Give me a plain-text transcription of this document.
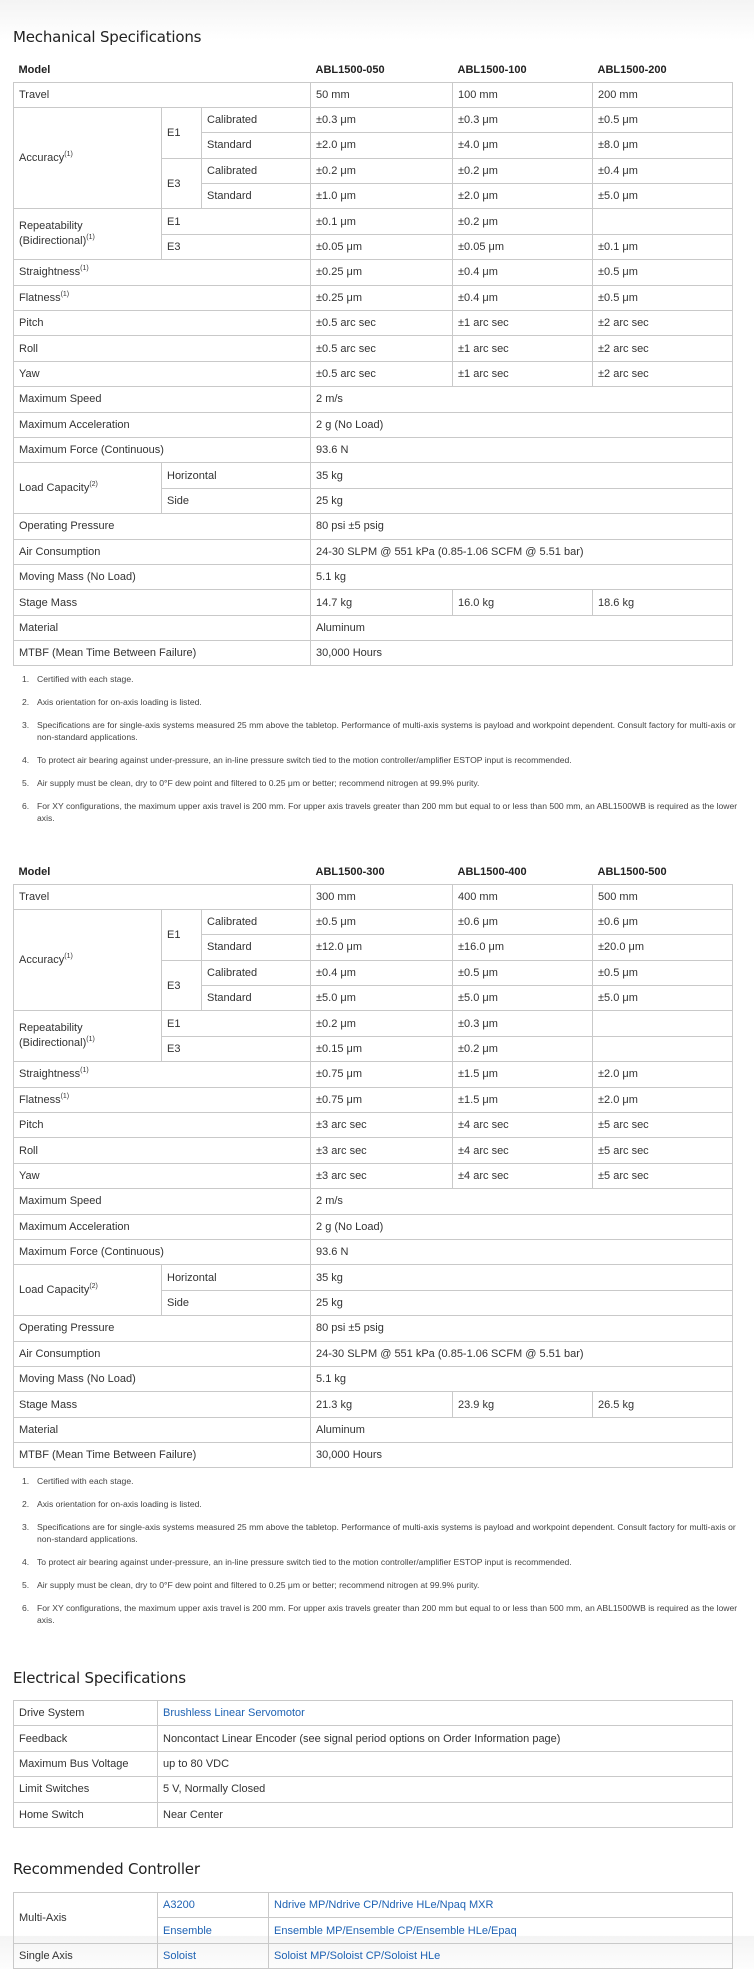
Mechanical Specifications
Model			ABL1500-050	ABL1500-100	ABL1500-200
Travel			50 mm	100 mm	200 mm
Accuracy$^{(1)}$	E1	Calibrated	±0.3 μm	±0.3 μm	±0.5 μm
		Standard	±2.0 μm	±4.0 μm	±8.0 μm
	E3	Calibrated	±0.2 μm	±0.2 μm	±0.4 μm
		Standard	±1.0 μm	±2.0 μm	±5.0 μm
Repeatability
(Bidirectional)$^{(1)}$	E1		±0.1 μm	±0.2 μm	
	E3		±0.05 μm	±0.05 μm	±0.1 μm
Straightness$^{(1)}$			±0.25 μm	±0.4 μm	±0.5 μm
Flatness$^{(1)}$			±0.25 μm	±0.4 μm	±0.5 μm
Pitch			±0.5 arc sec	±1 arc sec	±2 arc sec
Roll			±0.5 arc sec	±1 arc sec	±2 arc sec
Yaw			±0.5 arc sec	±1 arc sec	±2 arc sec
Maximum Speed			2 m/s		
Maximum Acceleration			2 g (No Load)		
Maximum Force (Continuous)			93.6 N		
Load Capacity$^{(2)}$	Horizontal		35 kg		
	Side		25 kg		
Operating Pressure			80 psi ±5 psig		
Air Consumption			24-30 SLPM @ 551 kPa (0.85-1.06 SCFM @ 5.51 bar)		
Moving Mass (No Load)			5.1 kg		
Stage Mass			14.7 kg	16.0 kg	18.6 kg
Material			Aluminum		
MTBF (Mean Time Between Failure)			30,000 Hours		
1. Certified with each stage.
2. Axis orientation for on-axis loading is listed.
3. Specifications are for single-axis systems measured 25 mm above the tabletop. Performance of multi-axis systems is payload and workpoint dependent. Consult factory for multi-axis or non-standard applications.
4. To protect air bearing against under-pressure, an in-line pressure switch tied to the motion controller/amplifier ESTOP input is recommended.
5. Air supply must be clean, dry to 0°F dew point and filtered to 0.25 μm or better; recommend nitrogen at 99.9% purity.
6. For XY configurations, the maximum upper axis travel is 200 mm. For upper axis travels greater than 200 mm but equal to or less than 500 mm, an ABL1500WB is required as the lower axis.
Model			ABL1500-300	ABL1500-400	ABL1500-500
Travel			300 mm	400 mm	500 mm
Accuracy$^{(1)}$	E1	Calibrated	±0.5 μm	±0.6 μm	±0.6 μm
		Standard	±12.0 μm	±16.0 μm	±20.0 μm
	E3	Calibrated	±0.4 μm	±0.5 μm	±0.5 μm
		Standard	±5.0 μm	±5.0 μm	±5.0 μm
Repeatability
(Bidirectional)$^{(1)}$	E1		±0.2 μm	±0.3 μm	
	E3		±0.15 μm	±0.2 μm	
Straightness$^{(1)}$			±0.75 μm	±1.5 μm	±2.0 μm
Flatness$^{(1)}$			±0.75 μm	±1.5 μm	±2.0 μm
Pitch			±3 arc sec	±4 arc sec	±5 arc sec
Roll			±3 arc sec	±4 arc sec	±5 arc sec
Yaw			±3 arc sec	±4 arc sec	±5 arc sec
Maximum Speed			2 m/s		
Maximum Acceleration			2 g (No Load)		
Maximum Force (Continuous)			93.6 N		
Load Capacity$^{(2)}$	Horizontal		35 kg		
	Side		25 kg		
Operating Pressure			80 psi ±5 psig		
Air Consumption			24-30 SLPM @ 551 kPa (0.85-1.06 SCFM @ 5.51 bar)		
Moving Mass (No Load)			5.1 kg		
Stage Mass			21.3 kg	23.9 kg	26.5 kg
Material			Aluminum		
MTBF (Mean Time Between Failure)			30,000 Hours		
1. Certified with each stage.
2. Axis orientation for on-axis loading is listed.
3. Specifications are for single-axis systems measured 25 mm above the tabletop. Performance of multi-axis systems is payload and workpoint dependent. Consult factory for multi-axis or non-standard applications.
4. To protect air bearing against under-pressure, an in-line pressure switch tied to the motion controller/amplifier ESTOP input is recommended.
5. Air supply must be clean, dry to 0°F dew point and filtered to 0.25 μm or better; recommend nitrogen at 99.9% purity.
6. For XY configurations, the maximum upper axis travel is 200 mm. For upper axis travels greater than 200 mm but equal to or less than 500 mm, an ABL1500WB is required as the lower axis.
Electrical Specifications
Drive System	Brushless Linear Servomotor
Feedback	Noncontact Linear Encoder (see signal period options on Order Information page)
Maximum Bus Voltage	up to 80 VDC
Limit Switches	5 V, Normally Closed
Home Switch	Near Center
Recommended Controller
Multi-Axis	A3200	Ndrive MP/Ndrive CP/Ndrive HLe/Npaq MXR
	Ensemble	Ensemble MP/Ensemble CP/Ensemble HLe/Epaq
Single Axis	Soloist	Soloist MP/Soloist CP/Soloist HLe
